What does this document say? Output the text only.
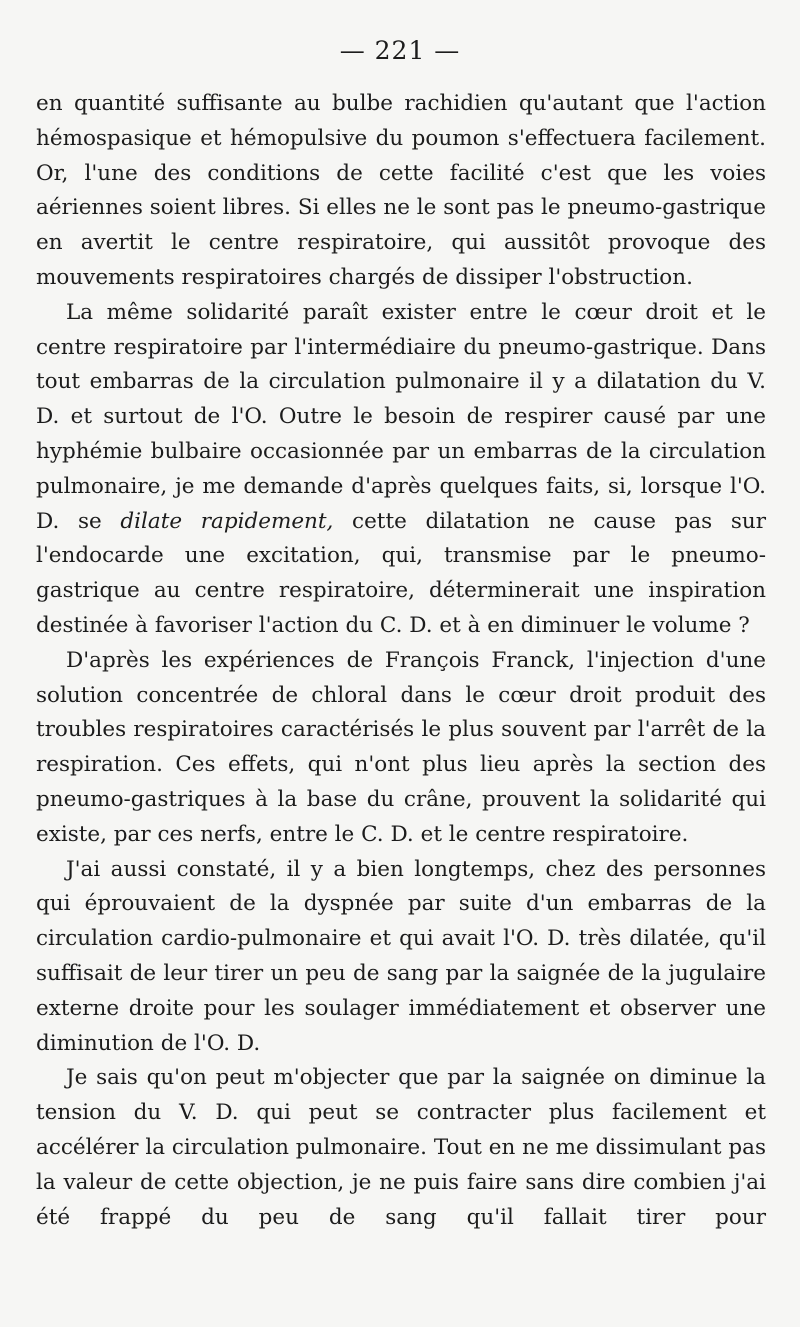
— 221 —

en quantité suffisante au bulbe rachidien qu'autant que l'action hémospasique et hémopulsive du poumon s'effectuera facilement. Or, l'une des conditions de cette facilité c'est que les voies aériennes soient libres. Si elles ne le sont pas le pneumo-gastrique en avertit le centre respiratoire, qui aussitôt provoque des mouvements respiratoires chargés de dissiper l'obstruction.

La même solidarité paraît exister entre le cœur droit et le centre respiratoire par l'intermédiaire du pneumo-gastrique. Dans tout embarras de la circulation pulmonaire il y a dilatation du V. D. et surtout de l'O. Outre le besoin de respirer causé par une hyphémie bulbaire occasionnée par un embarras de la circulation pulmonaire, je me demande d'après quelques faits, si, lorsque l'O. D. se dilate rapidement, cette dilatation ne cause pas sur l'endocarde une excitation, qui, transmise par le pneumo-gastrique au centre respiratoire, déterminerait une inspiration destinée à favoriser l'action du C. D. et à en diminuer le volume ?

D'après les expériences de François Franck, l'injection d'une solution concentrée de chloral dans le cœur droit produit des troubles respiratoires caractérisés le plus souvent par l'arrêt de la respiration. Ces effets, qui n'ont plus lieu après la section des pneumo-gastriques à la base du crâne, prouvent la solidarité qui existe, par ces nerfs, entre le C. D. et le centre respiratoire.

J'ai aussi constaté, il y a bien longtemps, chez des personnes qui éprouvaient de la dyspnée par suite d'un embarras de la circulation cardio-pulmonaire et qui avait l'O. D. très dilatée, qu'il suffisait de leur tirer un peu de sang par la saignée de la jugulaire externe droite pour les soulager immédiatement et observer une diminution de l'O. D.

Je sais qu'on peut m'objecter que par la saignée on diminue la tension du V. D. qui peut se contracter plus facilement et accélérer la circulation pulmonaire. Tout en ne me dissimulant pas la valeur de cette objection, je ne puis faire sans dire combien j'ai été frappé du peu de sang qu'il fallait tirer pour
